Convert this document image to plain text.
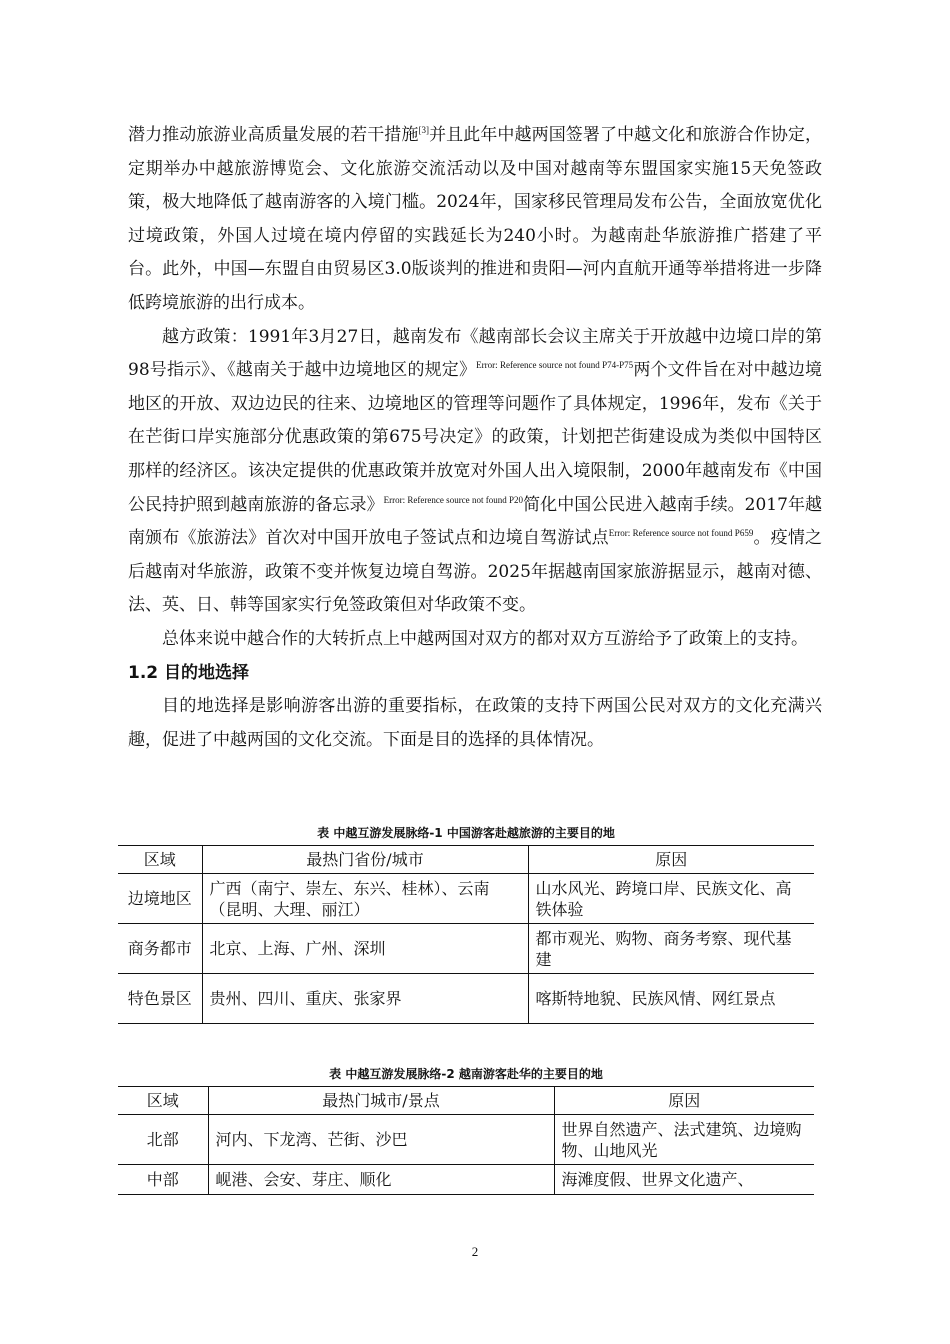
潜力推动旅游业高质量发展的若干措施[3]并且此年中越两国签署了中越文化和旅游合作协定，定期举办中越旅游博览会、文化旅游交流活动以及中国对越南等东盟国家实施15天免签政策，极大地降低了越南游客的入境门槛。2024年，国家移民管理局发布公告，全面放宽优化过境政策，外国人过境在境内停留的实践延长为240小时。为越南赴华旅游推广搭建了平台。此外，中国—东盟自由贸易区3.0版谈判的推进和贵阳—河内直航开通等举措将进一步降低跨境旅游的出行成本。

越方政策：1991年3月27日，越南发布《越南部长会议主席关于开放越中边境口岸的第98号指示》、《越南关于越中边境地区的规定》$^{Error: Reference source not found P74-P75}$两个文件旨在对中越边境地区的开放、双边边民的往来、边境地区的管理等问题作了具体规定，1996年，发布《关于在芒街口岸实施部分优惠政策的第675号决定》的政策，计划把芒街建设成为类似中国特区那样的经济区。该决定提供的优惠政策并放宽对外国人出入境限制，2000年越南发布《中国公民持护照到越南旅游的备忘录》$^{Error: Reference source not found P20}$简化中国公民进入越南手续。2017年越南颁布《旅游法》首次对中国开放电子签试点和边境自驾游试点$^{Error: Reference source not found P659}$。疫情之后越南对华旅游，政策不变并恢复边境自驾游。2025年据越南国家旅游据显示，越南对德、法、英、日、韩等国家实行免签政策但对华政策不变。

总体来说中越合作的大转折点上中越两国对双方的都对双方互游给予了政策上的支持。

1.2 目的地选择

目的地选择是影响游客出游的重要指标，在政策的支持下两国公民对双方的文化充满兴趣，促进了中越两国的文化交流。下面是目的选择的具体情况。

表 中越互游发展脉络-1 中国游客赴越旅游的主要目的地
区域	最热门省份/城市	原因
边境地区	广西（南宁、崇左、东兴、桂林）、云南（昆明、大理、丽江）	山水风光、跨境口岸、民族文化、高铁体验
商务都市	北京、上海、广州、深圳	都市观光、购物、商务考察、现代基建
特色景区	贵州、四川、重庆、张家界	喀斯特地貌、民族风情、网红景点
表 中越互游发展脉络-2 越南游客赴华的主要目的地
区域	最热门城市/景点	原因
北部	河内、下龙湾、芒街、沙巴	世界自然遗产、法式建筑、边境购物、山地风光
中部	岘港、会安、芽庄、顺化	海滩度假、世界文化遗产、
2
